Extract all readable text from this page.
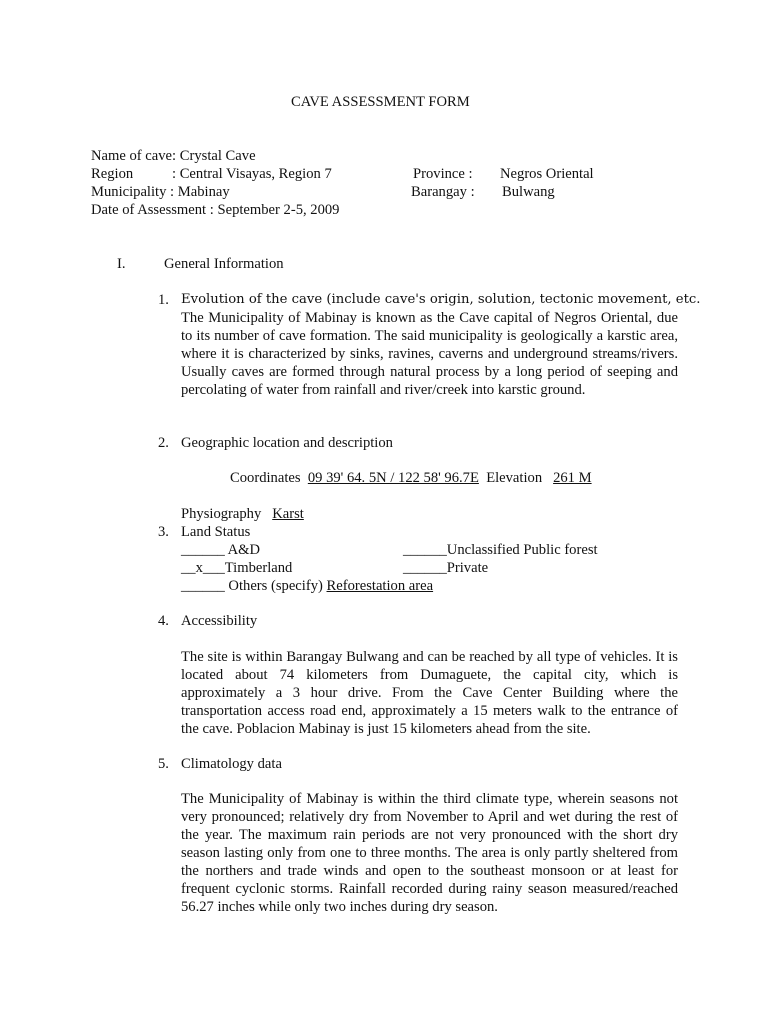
CAVE ASSESSMENT FORM
Name of cave: Crystal Cave
Region	: Central Visayas, Region 7	Province : Negros Oriental
Municipality : Mabinay	Barangay : Bulwang
Date of Assessment : September 2-5, 2009
I.	General Information
1. Evolution of the cave (include cave's origin, solution, tectonic movement, etc.
The Municipality of Mabinay is known as the Cave capital of Negros Oriental, due to its number of cave formation. The said municipality is geologically a karstic area, where it is characterized by sinks, ravines, caverns and underground streams/rivers. Usually caves are formed through natural process by a long period of seeping and percolating of water from rainfall and river/creek into karstic ground.
2. Geographic location and description
Coordinates 09 39' 64. 5N / 122 58' 96.7E Elevation 261 M
Physiography Karst
3. Land Status
______ A&D	______Unclassified Public forest
__x___Timberland	______Private
______ Others (specify) Reforestation area
4. Accessibility
The site is within Barangay Bulwang and can be reached by all type of vehicles. It is located about 74 kilometers from Dumaguete, the capital city, which is approximately a 3 hour drive. From the Cave Center Building where the transportation access road end, approximately a 15 meters walk to the entrance of the cave. Poblacion Mabinay is just 15 kilometers ahead from the site.
5. Climatology data
The Municipality of Mabinay is within the third climate type, wherein seasons not very pronounced; relatively dry from November to April and wet during the rest of the year. The maximum rain periods are not very pronounced with the short dry season lasting only from one to three months. The area is only partly sheltered from the northers and trade winds and open to the southeast monsoon or at least for frequent cyclonic storms. Rainfall recorded during rainy season measured/reached 56.27 inches while only two inches during dry season.
